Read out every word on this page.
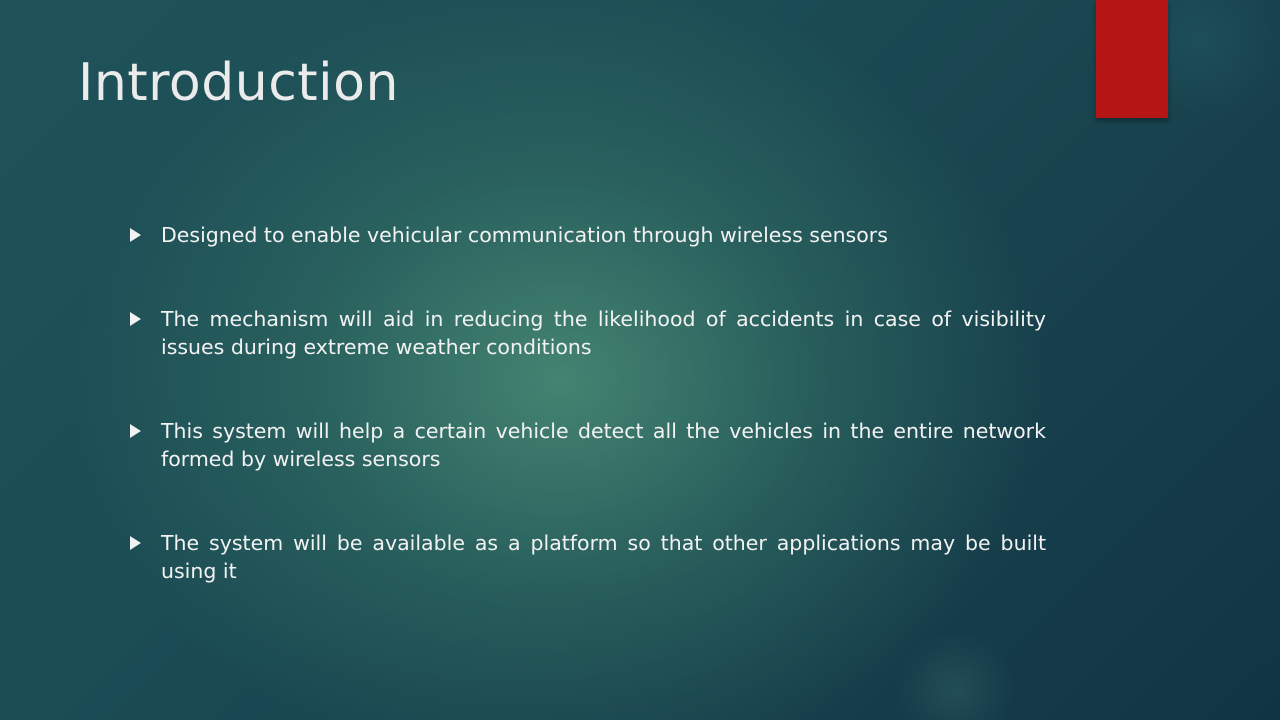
Introduction
Designed to enable vehicular communication through wireless sensors
The mechanism will aid in reducing the likelihood of accidents in case of visibility issues during extreme weather conditions
This system will help a certain vehicle detect all the vehicles in the entire network formed by wireless sensors
The system will be available as a platform so that other applications may be built using it
